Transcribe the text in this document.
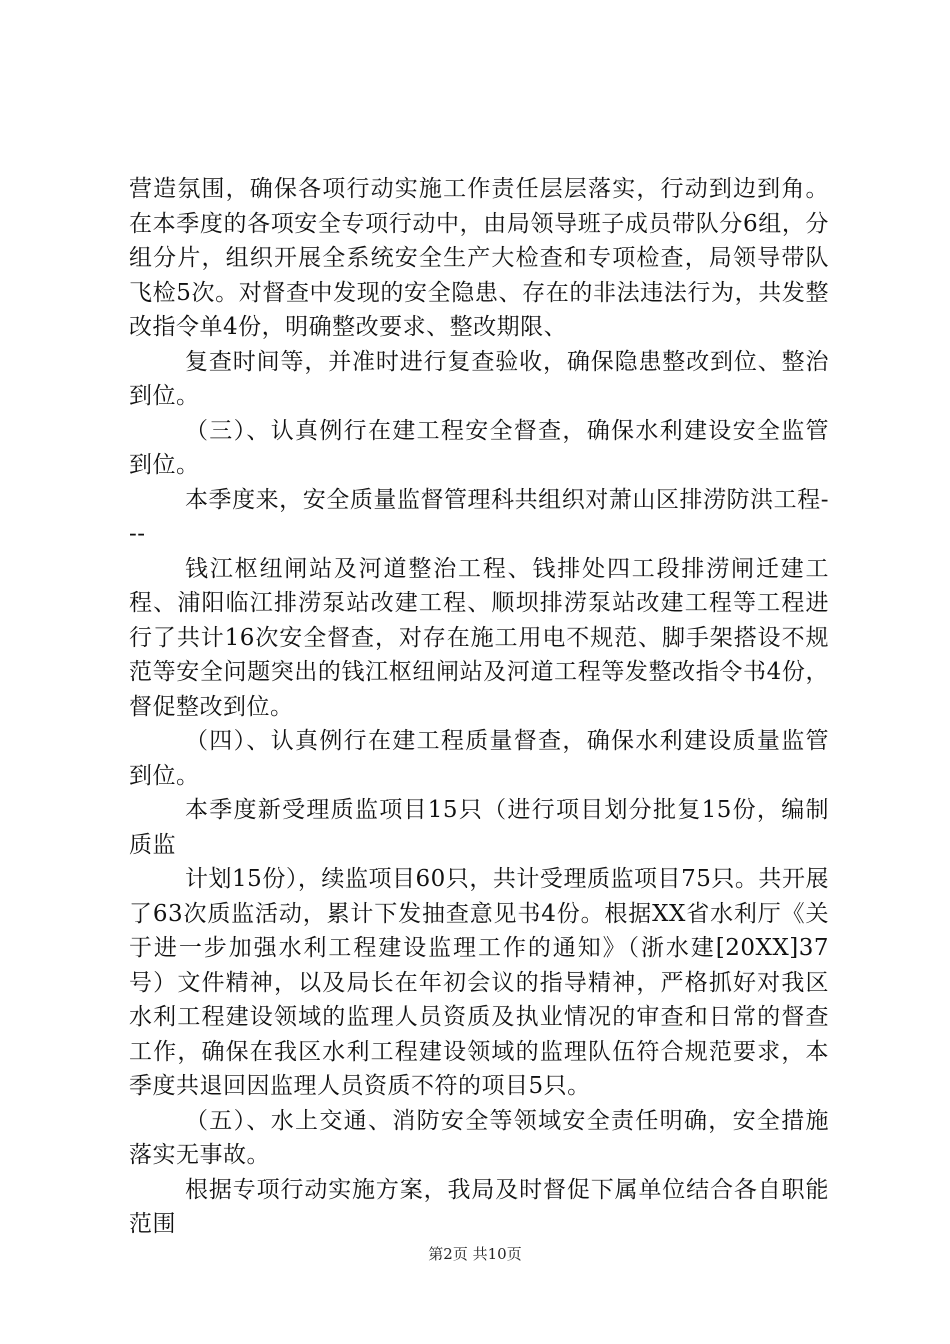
营造氛围，确保各项行动实施工作责任层层落实，行动到边到角。在本季度的各项安全专项行动中，由局领导班子成员带队分6组，分组分片，组织开展全系统安全生产大检查和专项检查，局领导带队飞检5次。对督查中发现的安全隐患、存在的非法违法行为，共发整改指令单4份，明确整改要求、整改期限、

复查时间等，并准时进行复查验收，确保隐患整改到位、整治到位。

（三）、认真例行在建工程安全督查，确保水利建设安全监管到位。

本季度来，安全质量监督管理科共组织对萧山区排涝防洪工程---

钱江枢纽闸站及河道整治工程、钱排处四工段排涝闸迁建工程、浦阳临江排涝泵站改建工程、顺坝排涝泵站改建工程等工程进行了共计16次安全督查，对存在施工用电不规范、脚手架搭设不规范等安全问题突出的钱江枢纽闸站及河道工程等发整改指令书4份，督促整改到位。

（四）、认真例行在建工程质量督查，确保水利建设质量监管到位。

本季度新受理质监项目15只（进行项目划分批复15份，编制质监

计划15份），续监项目60只，共计受理质监项目75只。共开展了63次质监活动，累计下发抽查意见书4份。根据XX省水利厅《关于进一步加强水利工程建设监理工作的通知》（浙水建[20XX]37号）文件精神，以及局长在年初会议的指导精神，严格抓好对我区水利工程建设领域的监理人员资质及执业情况的审查和日常的督查工作，确保在我区水利工程建设领域的监理队伍符合规范要求，本季度共退回因监理人员资质不符的项目5只。

（五）、水上交通、消防安全等领域安全责任明确，安全措施落实无事故。

根据专项行动实施方案，我局及时督促下属单位结合各自职能范围

第2页 共10页
